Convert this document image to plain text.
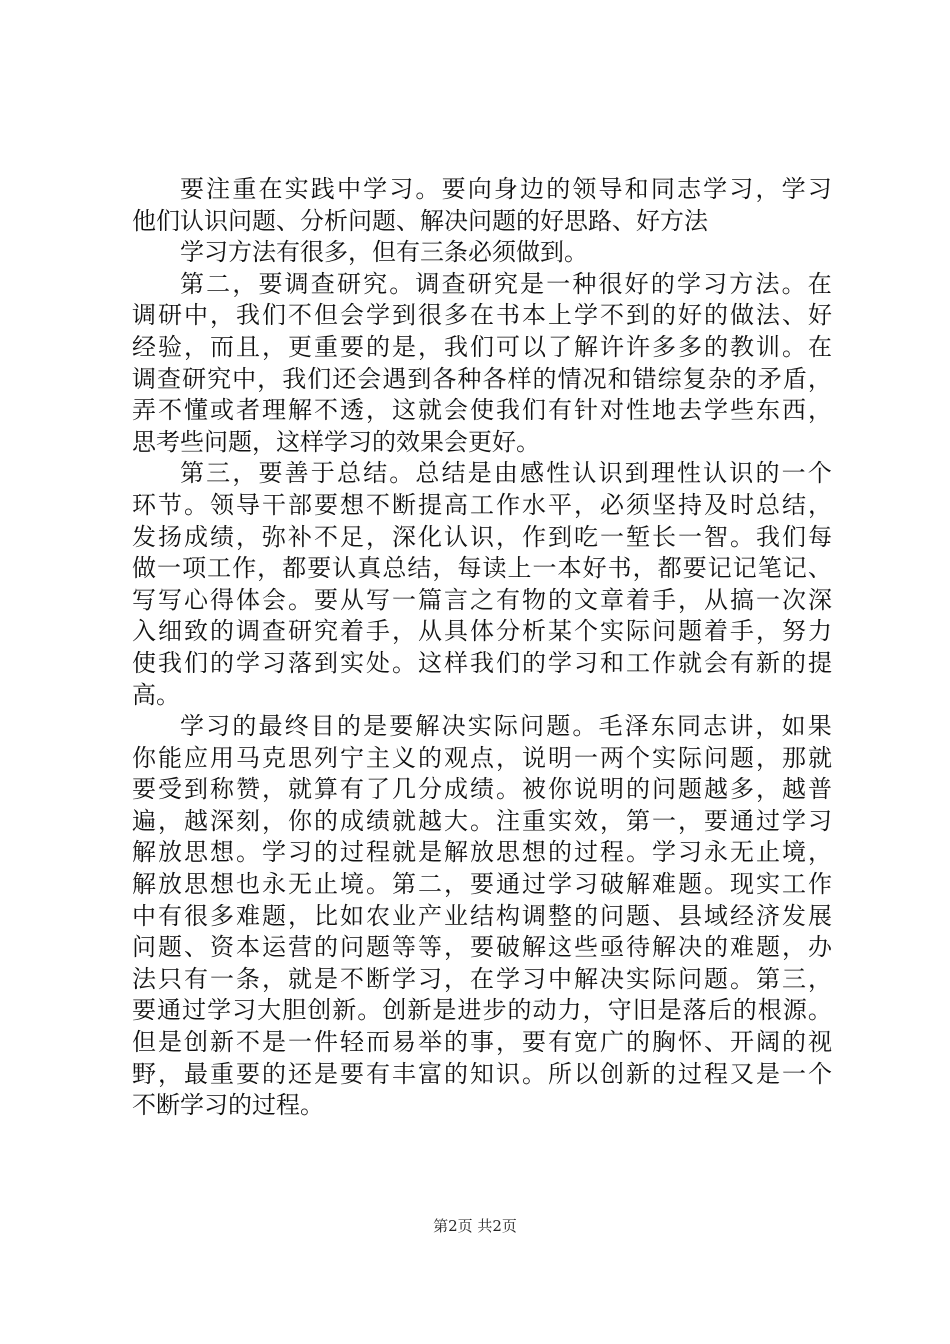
要 注 重 在 实 践 中 学 习 。 要 向 身 边 的 领 导 和 同 志 学 习 ， 学 习
他们认识问题、分析问题、解决问题的好思路、好方法
学习方法有很多，但有三条必须做到。
第 二 ， 要 调 查 研 究 。 调 查 研 究 是 一 种 很 好 的 学 习 方 法 。 在
调 研 中 ， 我 们 不 但 会 学 到 很 多 在 书 本 上 学 不 到 的 好 的 做 法 、 好
经 验 ， 而 且 ， 更 重 要 的 是 ， 我 们 可 以 了 解 许 许 多 多 的 教 训 。 在
调 查 研 究 中 ， 我 们 还 会 遇 到 各 种 各 样 的 情 况 和 错 综 复 杂 的 矛 盾 ，
弄 不 懂 或 者 理 解 不 透 ， 这 就 会 使 我 们 有 针 对 性 地 去 学 些 东 西 ，
思考些问题，这样学习的效果会更好。
第 三 ， 要 善 于 总 结 。 总 结 是 由 感 性 认 识 到 理 性 认 识 的 一 个
环 节 。 领 导 干 部 要 想 不 断 提 高 工 作 水 平 ， 必 须 坚 持 及 时 总 结 ，
发 扬 成 绩 ， 弥 补 不 足 ， 深 化 认 识 ， 作 到 吃 一 堑 长 一 智 。 我 们 每
做 一 项 工 作 ， 都 要 认 真 总 结 ， 每 读 上 一 本 好 书 ， 都 要 记 记 笔 记 、
写 写 心 得 体 会 。 要 从 写 一 篇 言 之 有 物 的 文 章 着 手 ， 从 搞 一 次 深
入 细 致 的 调 查 研 究 着 手 ， 从 具 体 分 析 某 个 实 际 问 题 着 手 ， 努 力
使 我 们 的 学 习 落 到 实 处 。 这 样 我 们 的 学 习 和 工 作 就 会 有 新 的 提
高。
学 习 的 最 终 目 的 是 要 解 决 实 际 问 题 。 毛 泽 东 同 志 讲 ， 如 果
你 能 应 用 马 克 思 列 宁 主 义 的 观 点 ， 说 明 一 两 个 实 际 问 题 ， 那 就
要 受 到 称 赞 ， 就 算 有 了 几 分 成 绩 。 被 你 说 明 的 问 题 越 多 ， 越 普
遍 ， 越 深 刻 ， 你 的 成 绩 就 越 大 。 注 重 实 效 ， 第 一 ， 要 通 过 学 习
解 放 思 想 。 学 习 的 过 程 就 是 解 放 思 想 的 过 程 。 学 习 永 无 止 境 ，
解 放 思 想 也 永 无 止 境 。 第 二 ， 要 通 过 学 习 破 解 难 题 。 现 实 工 作
中 有 很 多 难 题 ， 比 如 农 业 产 业 结 构 调 整 的 问 题 、 县 域 经 济 发 展
问 题 、 资 本 运 营 的 问 题 等 等 ， 要 破 解 这 些 亟 待 解 决 的 难 题 ， 办
法 只 有 一 条 ， 就 是 不 断 学 习 ， 在 学 习 中 解 决 实 际 问 题 。 第 三 ，
要 通 过 学 习 大 胆 创 新 。 创 新 是 进 步 的 动 力 ， 守 旧 是 落 后 的 根 源 。
但 是 创 新 不 是 一 件 轻 而 易 举 的 事 ， 要 有 宽 广 的 胸 怀 、 开 阔 的 视
野 ， 最 重 要 的 还 是 要 有 丰 富 的 知 识 。 所 以 创 新 的 过 程 又 是 一 个
不断学习的过程。
第2页 共2页
